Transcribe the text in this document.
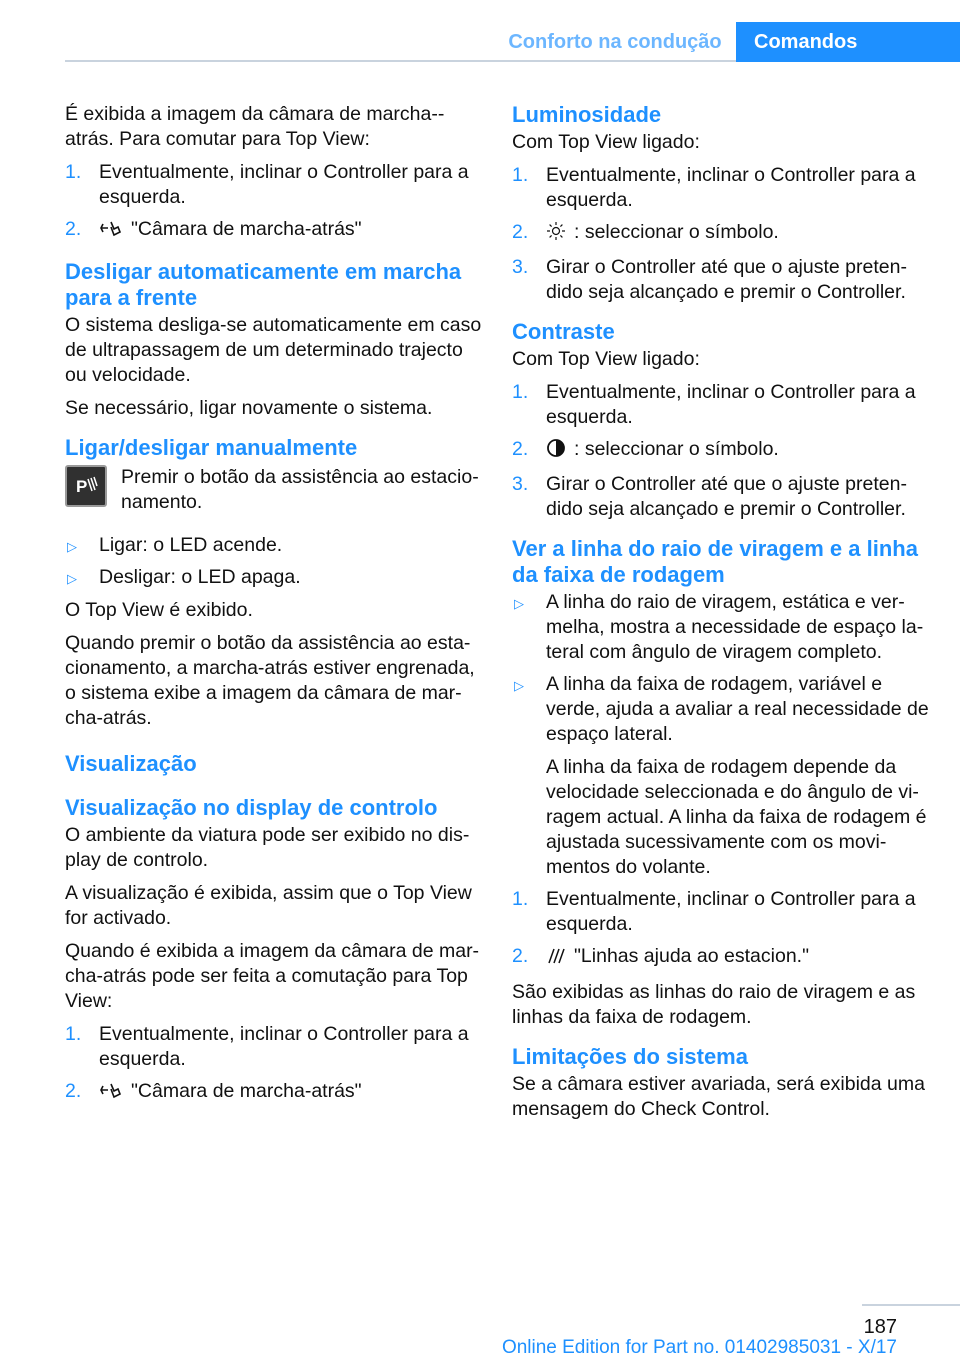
Conforto na condução	Comandos

É exibida a imagem da câmara de marcha--atrás. Para comutar para Top View:

1. Eventualmente, inclinar o Controller para a esquerda.
2.	"Câmara de marcha-atrás"
Desligar automaticamente em marcha para a frente

O sistema desliga-se automaticamente em caso de ultrapassagem de um determinado trajecto ou velocidade.

Se necessário, ligar novamente o sistema.

Ligar/desligar manualmente
P Premir o botão da assistência ao estacio-namento.
▷ Ligar: o LED acende.
▷ Desligar: o LED apaga.

O Top View é exibido.

Quando premir o botão da assistência ao esta-cionamento, a marcha-atrás estiver engrenada, o sistema exibe a imagem da câmara de mar-cha-atrás.

Visualização
Visualização no display de controlo

O ambiente da viatura pode ser exibido no dis-play de controlo.

A visualização é exibida, assim que o Top View for activado.

Quando é exibida a imagem da câmara de mar-cha-atrás pode ser feita a comutação para Top View:

1. Eventualmente, inclinar o Controller para a esquerda.
2.	"Câmara de marcha-atrás"
Luminosidade

Com Top View ligado:

1. Eventualmente, inclinar o Controller para a esquerda.
2. : seleccionar o símbolo.
3. Girar o Controller até que o ajuste preten-dido seja alcançado e premir o Controller.
Contraste

Com Top View ligado:

1. Eventualmente, inclinar o Controller para a esquerda.
2. : seleccionar o símbolo.
3. Girar o Controller até que o ajuste preten-dido seja alcançado e premir o Controller.
Ver a linha do raio de viragem e a linha da faixa de rodagem
▷ A linha do raio de viragem, estática e ver-melha, mostra a necessidade de espaço la-teral com ângulo de viragem completo.
▷ A linha da faixa de rodagem, variável e verde, ajuda a avaliar a real necessidade de espaço lateral.

A linha da faixa de rodagem depende da velocidade seleccionada e do ângulo de vi-ragem actual. A linha da faixa de rodagem é ajustada sucessivamente com os movi-mentos do volante.

1. Eventualmente, inclinar o Controller para a esquerda.
2. "Linhas ajuda ao estacion."

São exibidas as linhas do raio de viragem e as linhas da faixa de rodagem.

Limitações do sistema

Se a câmara estiver avariada, será exibida uma mensagem do Check Control.

187
Online Edition for Part no. 01402985031 - X/17
